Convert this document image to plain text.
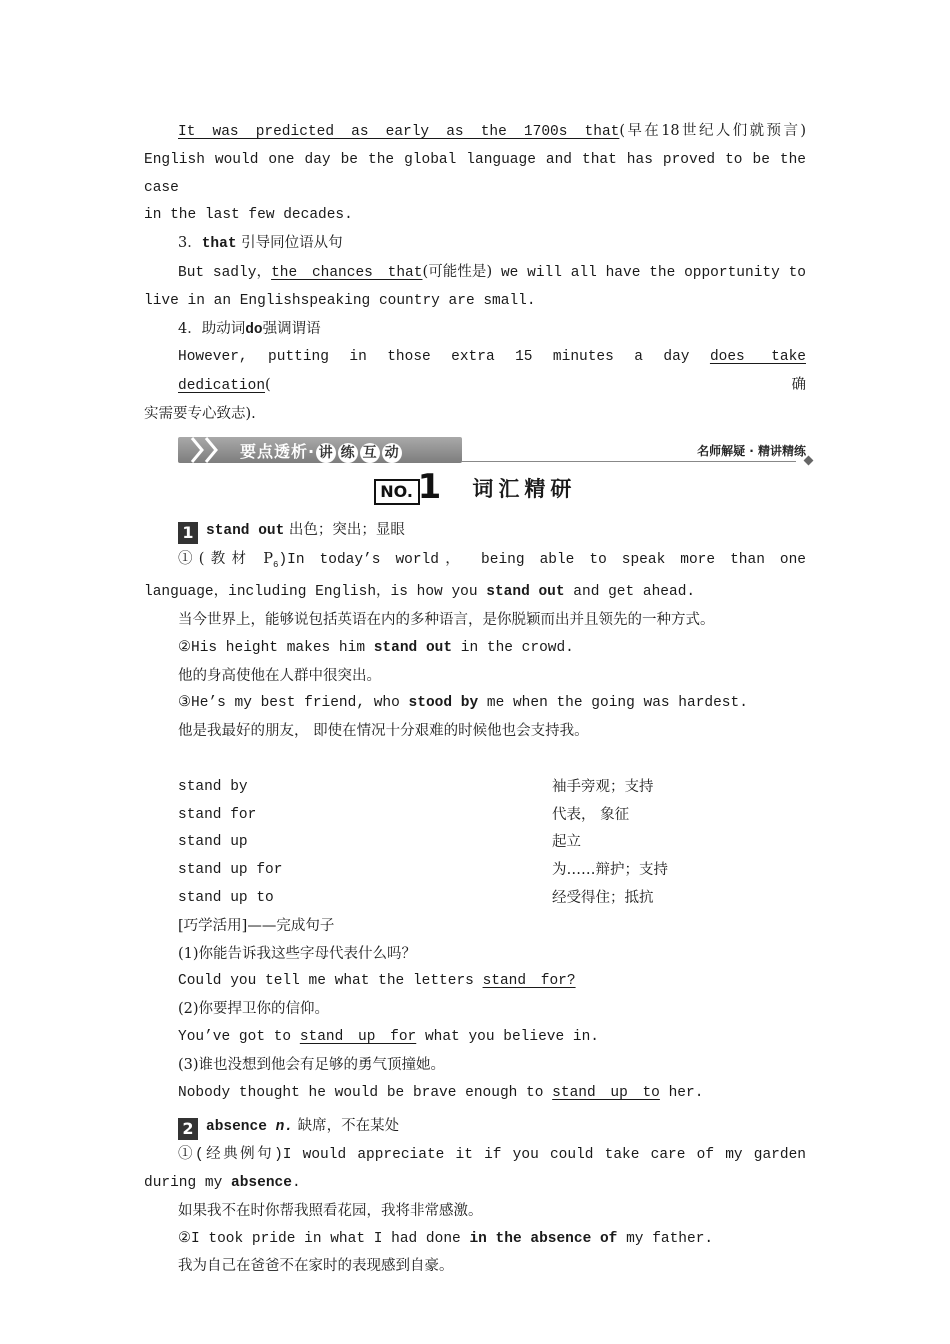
It was predicted as early as the 1700s that(早在18世纪人们就预言)
English would one day be the global language and that has proved to be the case
in the last few decades.
3．that 引导同位语从句
But sadly，the chances that(可能性是) we will all have the opportunity to
live in an Englishspeaking country are small.
4．助动词do强调谓语
However, putting in those extra 15 minutes a day does take dedication(确
实需要专心致志).
要点透析· 讲 练 互 动	名师解疑 · 精讲精练
NO. 1 词汇精研
1 stand out 出色；突出；显眼
①(教材 $P_6)In$ today’s world， being able to speak more than one
language，including English，is how you stand out and get ahead.
当今世界上，能够说包括英语在内的多种语言，是你脱颖而出并且领先的一种方式。
②His height makes him stand out in the crowd.
他的身高使他在人群中很突出。
③He’s my best friend, who stood by me when the going was hardest.
他是我最好的朋友， 即使在情况十分艰难的时候他也会支持我。
stand by	袖手旁观；支持
stand for	代表， 象征
stand up	起立
stand up for	为……辩护；支持
stand up to	经受得住；抵抗
[巧学活用]——完成句子
(1)你能告诉我这些字母代表什么吗？
Could you tell me what the letters stand for?
(2)你要捍卫你的信仰。
You’ve got to stand up for what you believe in.
(3)谁也没想到他会有足够的勇气顶撞她。
Nobody thought he would be brave enough to stand up to her.
2 absence n. 缺席，不在某处
①(经典例句)I would appreciate it if you could take care of my garden
during my absence.
如果我不在时你帮我照看花园，我将非常感激。
②I took pride in what I had done in the absence of my father.
我为自己在爸爸不在家时的表现感到自豪。
